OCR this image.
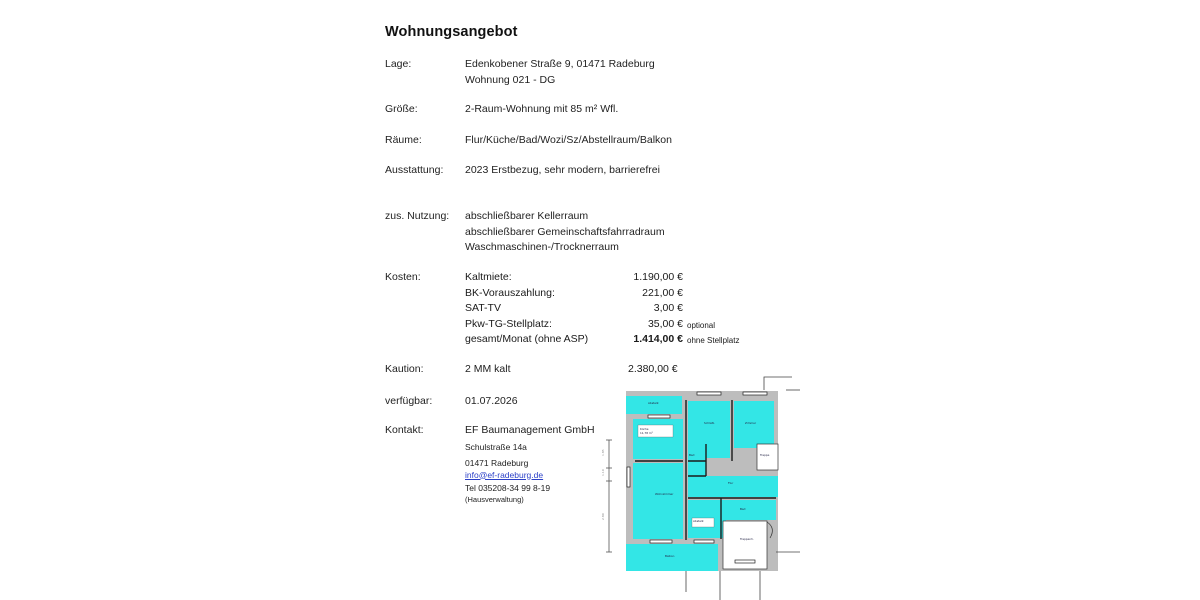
Wohnungsangebot
Lage:	Edenkobener Straße 9, 01471 Radeburg
Wohnung 021 - DG
Größe:	2-Raum-Wohnung mit 85 m² Wfl.
Räume:	Flur/Küche/Bad/Wozi/Sz/Abstellraum/Balkon
Ausstattung: 2023 Erstbezug, sehr modern, barrierefrei
zus. Nutzung: abschließbarer Kellerraum
abschließbarer Gemeinschaftsfahrradraum
Waschmaschinen-/Trocknerraum
Kosten:	Kaltmiete:	1.190,00 €
BK-Vorauszahlung:	221,00 €
SAT-TV	3,00 €
Pkw-TG-Stellplatz:	35,00 € optional
gesamt/Monat (ohne ASP)	1.414,00 € ohne Stellplatz
Kaution:	2 MM kalt	2.380,00 €
verfügbar:	01.07.2026
Kontakt:	EF Baumanagement GmbH
Schulstraße 14a
01471 Radeburg
info@ef-radeburg.de
Tel 035208-34 99 8-19
(Hausverwaltung)
1.85
1.10
2.80
Abstellr.
Küche
11,78 m²
Schlafz.	Zimmer
Bad	Treppe
Flur
Wohnzimmer
Abstellr.
Bad
Treppenh.
Balkon
